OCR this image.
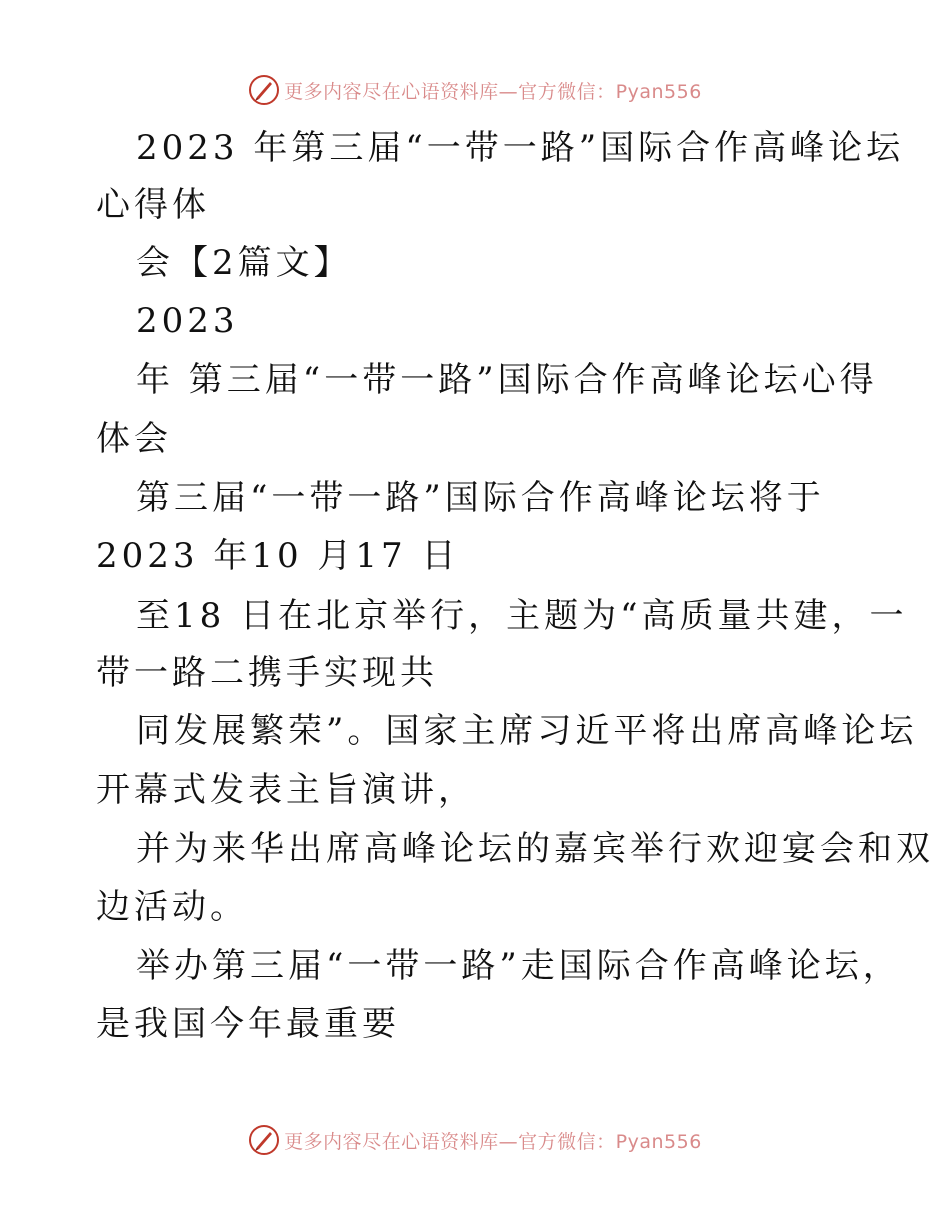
更多内容尽在心语资料库—官方微信：Pyan556
2023 年第三届“一带一路”国际合作高峰论坛
心得体
会【2篇文】
2023
年 第三届“一带一路”国际合作高峰论坛心得
体会
第三届“一带一路”国际合作高峰论坛将于
2023 年10 月17 日
至18 日在北京举行，主题为“高质量共建，一
带一路二携手实现共
同发展繁荣”。国家主席习近平将出席高峰论坛
开幕式发表主旨演讲，
并为来华出席高峰论坛的嘉宾举行欢迎宴会和双
边活动。
举办第三届“一带一路”走国际合作高峰论坛，
是我国今年最重要
更多内容尽在心语资料库—官方微信：Pyan556
